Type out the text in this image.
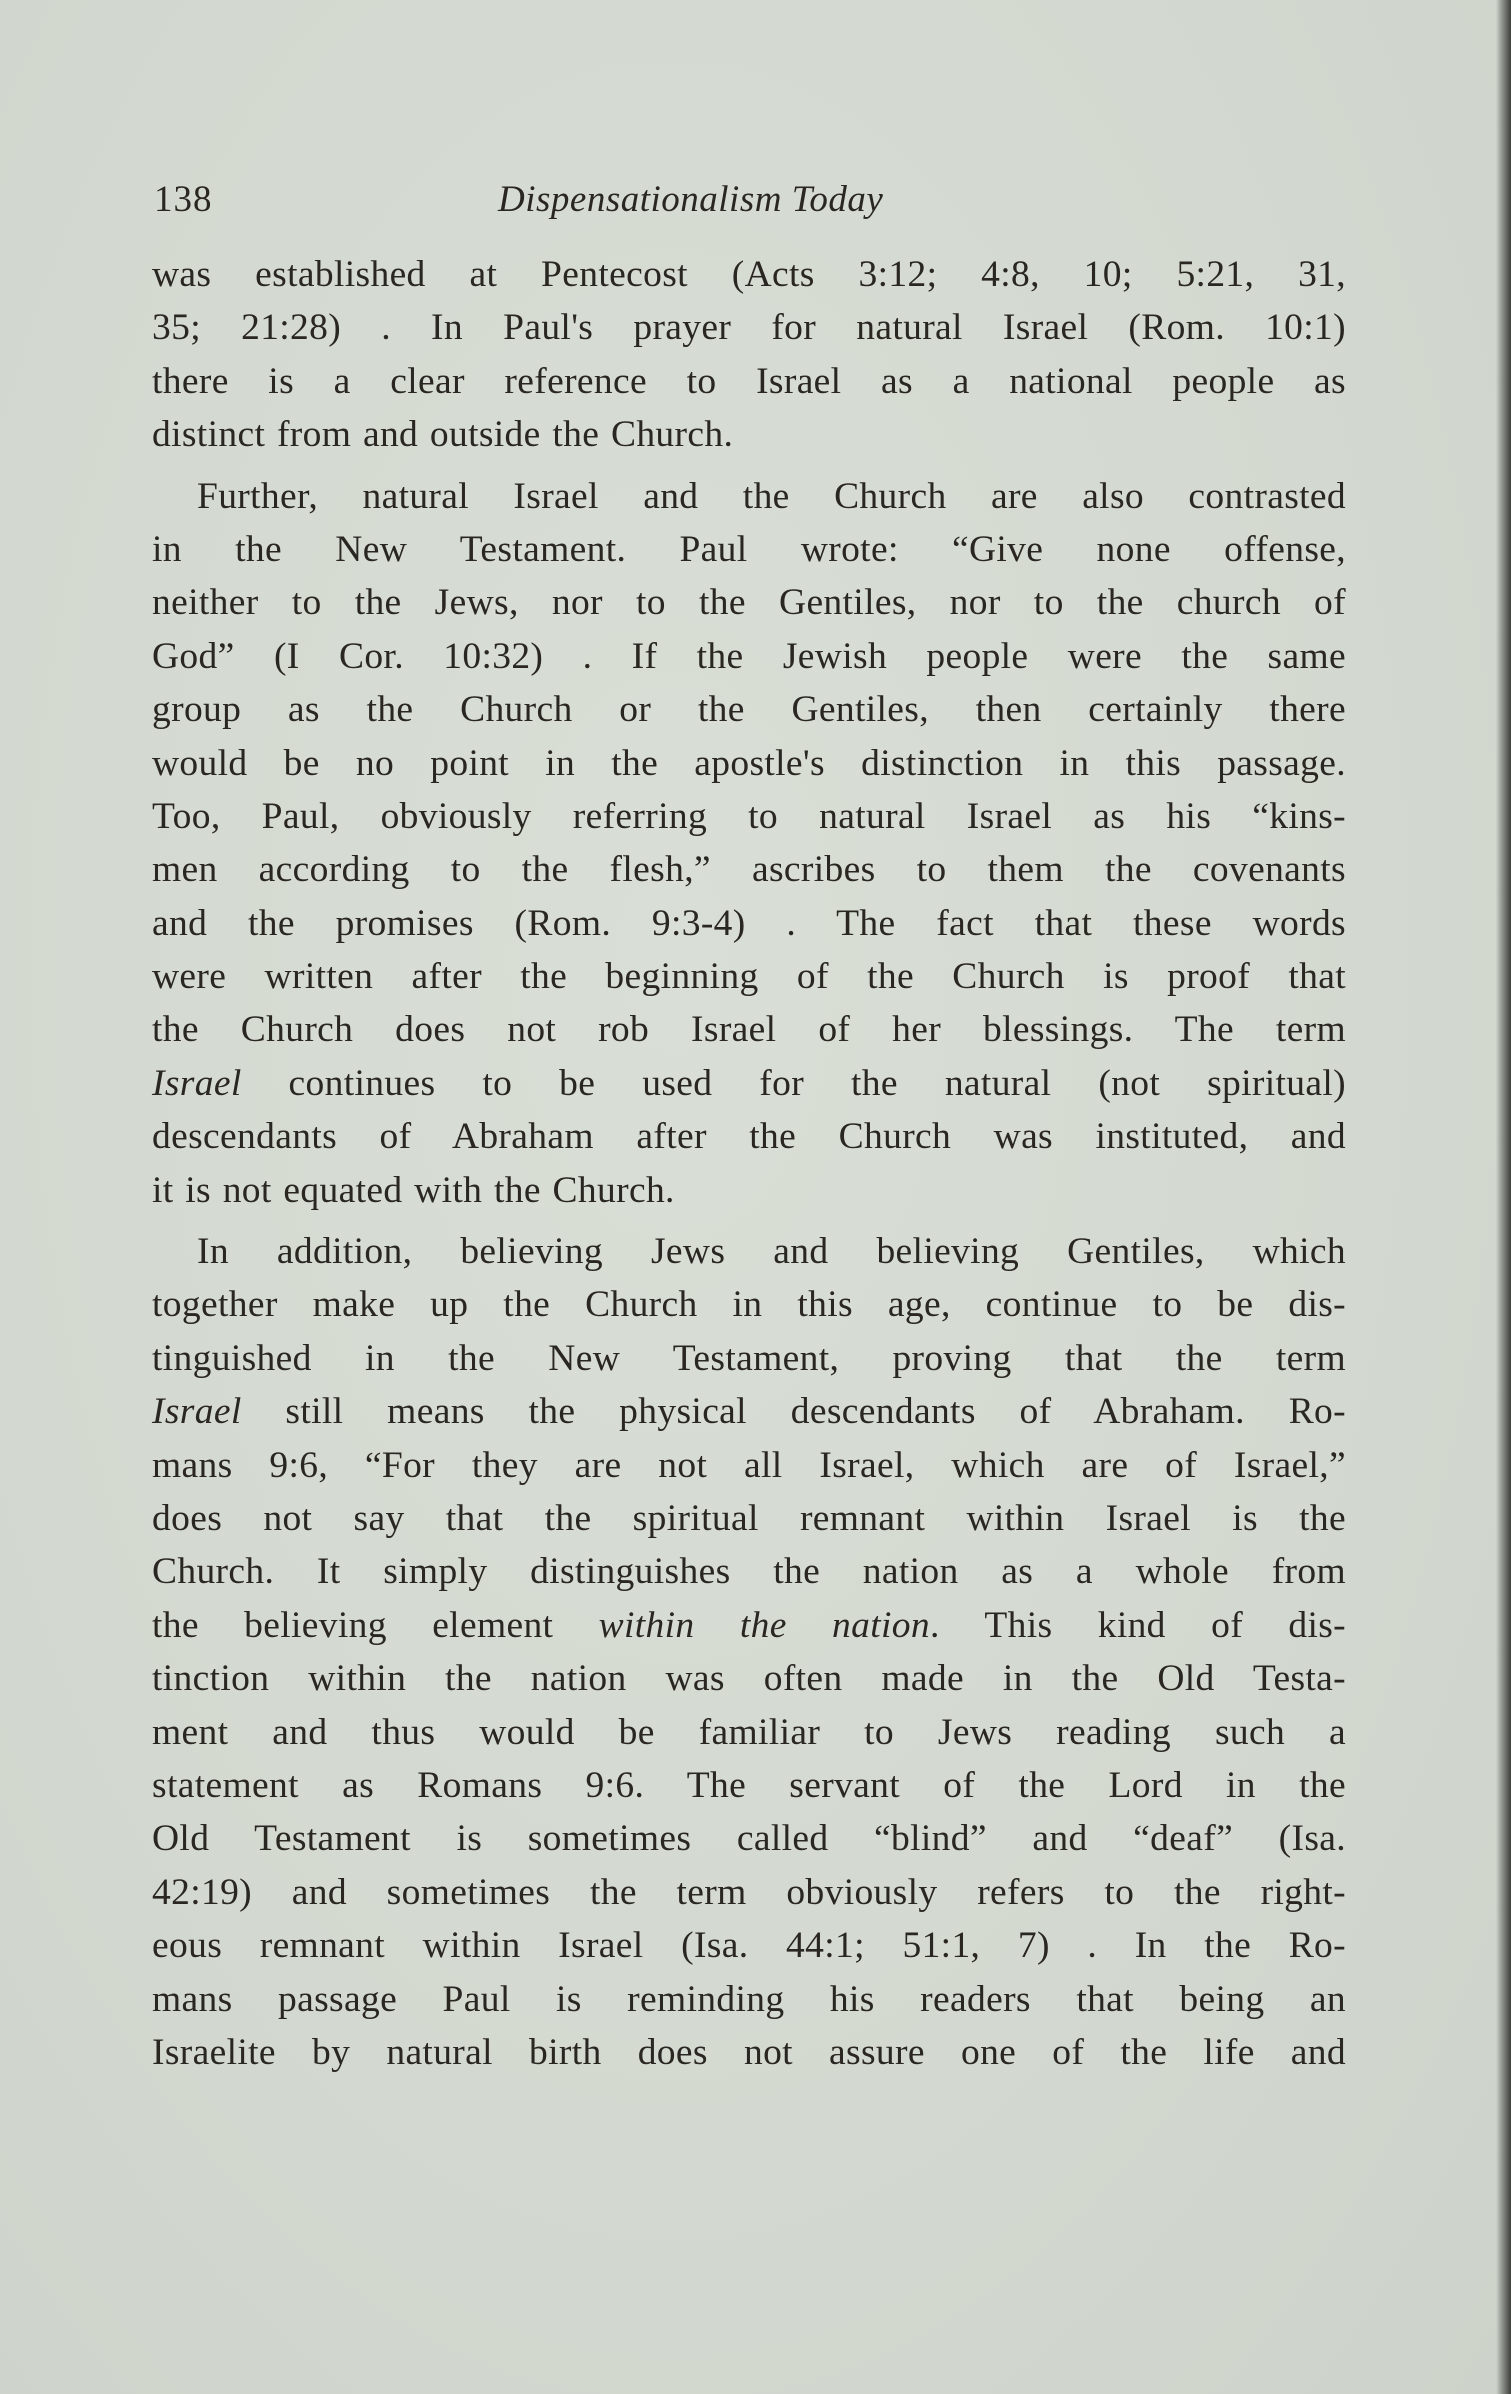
138	Dispensationalism Today
was established at Pentecost (Acts 3:12; 4:8, 10; 5:21, 31,
35; 21:28) . In Paul's prayer for natural Israel (Rom. 10:1)
there is a clear reference to Israel as a national people as
distinct from and outside the Church.
Further, natural Israel and the Church are also contrasted
in the New Testament. Paul wrote: “Give none offense,
neither to the Jews, nor to the Gentiles, nor to the church of
God” (I Cor. 10:32) . If the Jewish people were the same
group as the Church or the Gentiles, then certainly there
would be no point in the apostle's distinction in this passage.
Too, Paul, obviously referring to natural Israel as his “kins-
men according to the flesh,” ascribes to them the covenants
and the promises (Rom. 9:3-4) . The fact that these words
were written after the beginning of the Church is proof that
the Church does not rob Israel of her blessings. The term
Israel continues to be used for the natural (not spiritual)
descendants of Abraham after the Church was instituted, and
it is not equated with the Church.
In addition, believing Jews and believing Gentiles, which
together make up the Church in this age, continue to be dis-
tinguished in the New Testament, proving that the term
Israel still means the physical descendants of Abraham. Ro-
mans 9:6, “For they are not all Israel, which are of Israel,”
does not say that the spiritual remnant within Israel is the
Church. It simply distinguishes the nation as a whole from
the believing element within the nation. This kind of dis-
tinction within the nation was often made in the Old Testa-
ment and thus would be familiar to Jews reading such a
statement as Romans 9:6. The servant of the Lord in the
Old Testament is sometimes called “blind” and “deaf” (Isa.
42:19) and sometimes the term obviously refers to the right-
eous remnant within Israel (Isa. 44:1; 51:1, 7) . In the Ro-
mans passage Paul is reminding his readers that being an
Israelite by natural birth does not assure one of the life and
